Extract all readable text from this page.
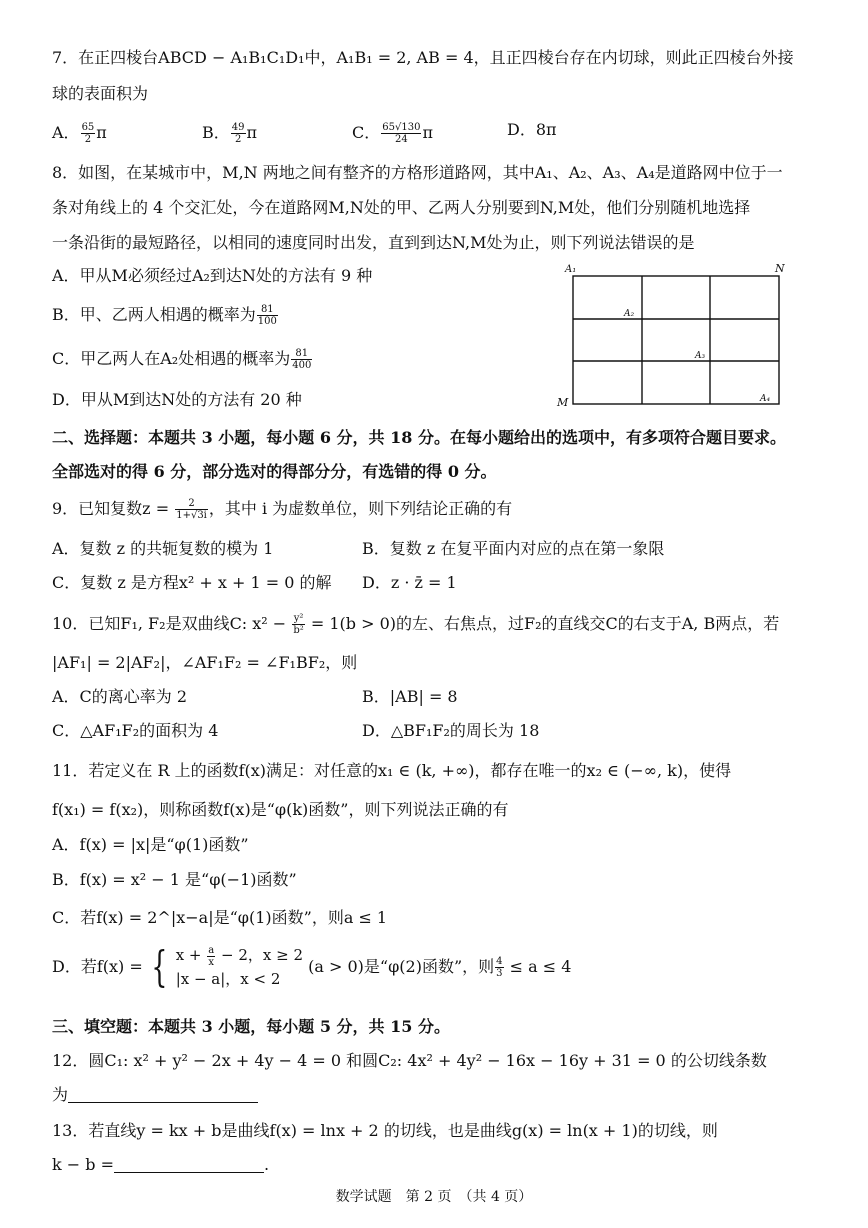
7．在正四棱台ABCD − A₁B₁C₁D₁中，A₁B₁ = 2, AB = 4，且正四棱台存在内切球，则此正四棱台外接
球的表面积为
A． $\frac{65}{2}$ π	B． $\frac{49}{2}$ π	C． $\frac{65√130}{24}$ π	D．8π
8．如图，在某城市中，M,N 两地之间有整齐的方格形道路网，其中A₁、A₂、A₃、A₄是道路网中位于一
条对角线上的 4 个交汇处，今在道路网M,N处的甲、乙两人分别要到N,M处，他们分别随机地选择
一条沿街的最短路径，以相同的速度同时出发，直到到达N,M处为止，则下列说法错误的是
A．甲从M必须经过A₂到达N处的方法有 9 种
B．甲、乙两人相遇的概率为 $\frac{81}{100}$
C．甲乙两人在A₂处相遇的概率为 $\frac{81}{400}$
D．甲从M到达N处的方法有 20 种
A₁	N
A₂
A₃
M	A₄
二、选择题：本题共 3 小题，每小题 6 分，共 18 分。在每小题给出的选项中，有多项符合题目要求。
全部选对的得 6 分，部分选对的得部分分，有选错的得 0 分。
9．已知复数$z = \frac{2}{1+√3i}$ ，其中 i 为虚数单位，则下列结论正确的有
A．复数 z 的共轭复数的模为 1	B．复数 z 在复平面内对应的点在第一象限
C．复数 z 是方程x² + x + 1 = 0 的解 D．z · z̄ = 1
10．已知F₁, F₂是双曲线C: $x^2 - \frac{\text{y²}}{\text{b²}} = 1(b > 0)$的左、右焦点，过F₂的直线交C的右支于A, B两点，若
|AF₁| = 2|AF₂|，∠AF₁F₂ = ∠F₁BF₂，则
A．C的离心率为 2	B．|AB| = 8
C．△AF₁F₂的面积为 4	D．△BF₁F₂的周长为 18
11．若定义在 R 上的函数f(x)满足：对任意的x₁ ∈ (k, +∞)，都存在唯一的x₂ ∈ (−∞, k)，使得
f(x₁) = f(x₂)，则称函数f(x)是“φ(k)函数”，则下列说法正确的有
A．f(x) = |x|是“φ(1)函数”
B．f(x) = x² − 1 是“φ(−1)函数”
C．若f(x) = 2^|x−a|是“φ(1)函数”，则a ≤ 1
D．若f(x) = { $x + \frac{a}{x} - 2$，x ≥ 2
|x − a|，x < 2
(a > 0)是“φ(2)函数”，则 $\frac{4}{3} \le a \le 4$
三、填空题：本题共 3 小题，每小题 5 分，共 15 分。
12．圆C₁: x² + y² − 2x + 4y − 4 = 0 和圆C₂: 4x² + 4y² − 16x − 16y + 31 = 0 的公切线条数
为
13．若直线y = kx + b是曲线f(x) = lnx + 2 的切线，也是曲线g(x) = ln(x + 1)的切线，则
k − b =	.
数学试题　第 2 页　（共 4 页）
